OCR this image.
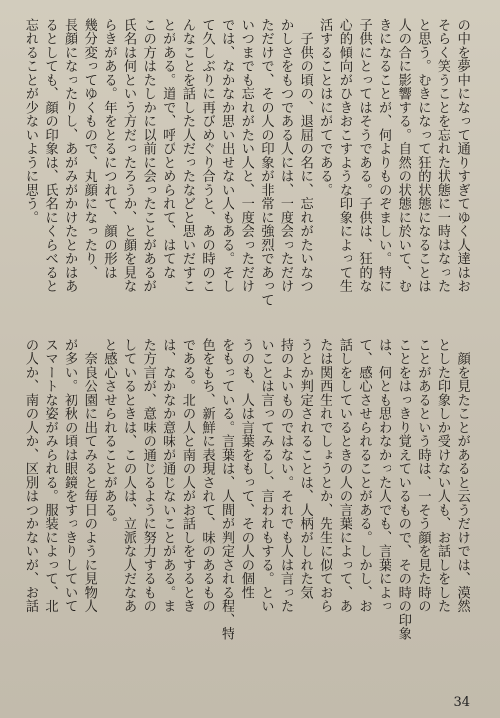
の中を夢中になって通りすぎてゆく人達はお
そらく笑うことを忘れた状態に一時はなった
と思う。むきになって狂的状態になることは
人の合に影響する。自然の状態に於いて、む
きになることが、何よりものぞましい。特に
子供にとってはそうである。子供は、狂的な
心的傾向がひきおこすような印象によって生
活することはにがてである。
　子供の頃の、退屈の名に、忘れがたいなつ
かしさをもつである人には、一度会っただけ
ただけで、その人の印象が非常に強烈であって
いつまでも忘れがたい人と、一度会っただけ
では、なかなか思い出せない人もある。そし
て久しぶりに再びめぐり合うと、あの時のこ
んなことを話した人だったなどと思いだすこ
とがある。道で、呼びとめられて、はてな
この方はたしかに以前に会ったことがあるが
氏名は何という方だったろうか、と顔を見な
らきがある。年をとるにつれて、顔の形は
幾分変ってゆくもので、丸顔になったり、
長顔になったりし、あがみがかけたとかはあ
るとしても、顔の印象は、氏名にくらべると
忘れることが少ないように思う。
　顔を見たことがあると云うだけでは、漠然
とした印象しか受けない人も、お話しをした
ことがあるという時は、一そう顔を見た時の
ことをはっきり覚えているもので、その時の印象
は、何とも思わなかった人でも、言葉によっ
て、感心させられることがある。しかし、お
話しをしているときの人の言葉によって、あ
たは関西生れでしょうとか、先生に似ておら
うとか判定されることは、人柄がしれた気
持のよいものではない。それでも人は言った
いことは言ってみるし、言われもする。とい
うのも、人は言葉をもって、その人の個性
をもっている。言葉は、人間が判定される程、特
色をもち、新鮮に表現されて、味のあるもの
である。北の人と南の人がお話しをするとき
は、なかなか意味が通じないことがある。ま
た方言が、意味の通じるように努力するもの
しているときは、この人は、立派な人だなあ
と感心させられることがある。
　奈良公園に出てみると毎日のように見物人
が多い。初秋の頃は眼鏡をすっきりしていて
スマートな姿がみられる。服装によって、北
の人か、南の人か、区別はつかないが、お話
34
